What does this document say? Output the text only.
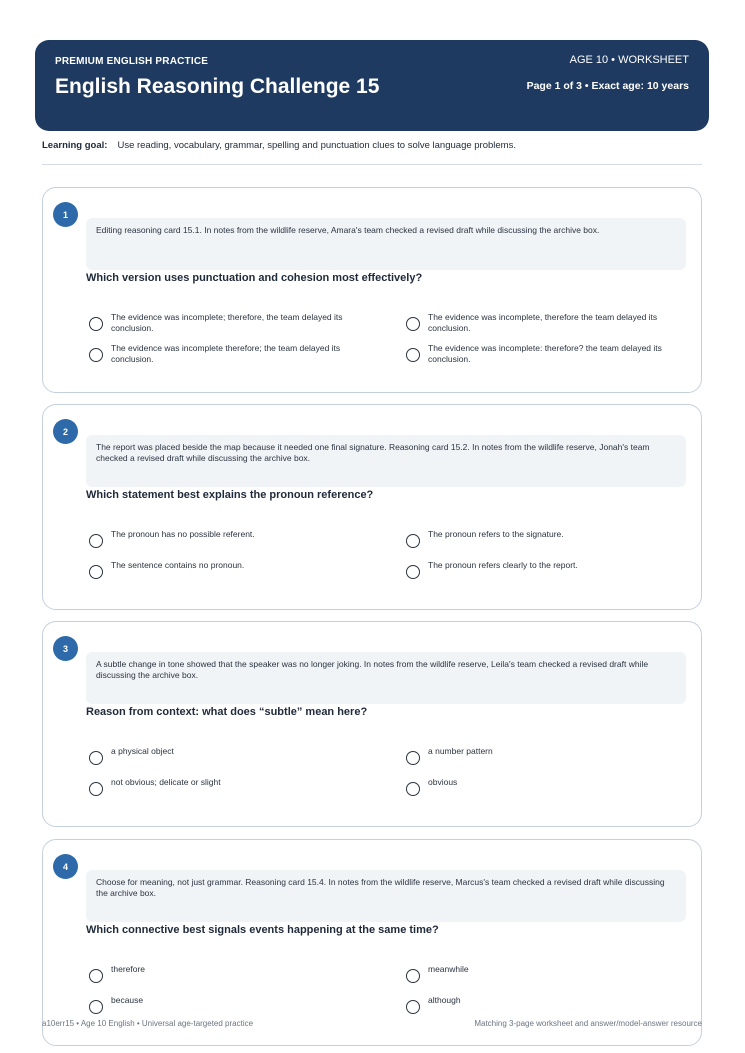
PREMIUM ENGLISH PRACTICE
English Reasoning Challenge 15
AGE 10 • WORKSHEET
Page 1 of 3 • Exact age: 10 years
Learning goal: Use reading, vocabulary, grammar, spelling and punctuation clues to solve language problems.
1
Editing reasoning card 15.1. In notes from the wildlife reserve, Amara's team checked a revised draft while discussing the archive box.
Which version uses punctuation and cohesion most effectively?
The evidence was incomplete; therefore, the team delayed its conclusion.
The evidence was incomplete, therefore the team delayed its conclusion.
The evidence was incomplete therefore; the team delayed its conclusion.
The evidence was incomplete: therefore? the team delayed its conclusion.
2
The report was placed beside the map because it needed one final signature. Reasoning card 15.2. In notes from the wildlife reserve, Jonah's team checked a revised draft while discussing the archive box.
Which statement best explains the pronoun reference?
The pronoun has no possible referent.	The pronoun refers to the signature.
The sentence contains no pronoun.	The pronoun refers clearly to the report.
3
A subtle change in tone showed that the speaker was no longer joking. In notes from the wildlife reserve, Leila's team checked a revised draft while discussing the archive box.
Reason from context: what does “subtle” mean here?
a physical object	a number pattern
not obvious; delicate or slight	obvious
4
Choose for meaning, not just grammar. Reasoning card 15.4. In notes from the wildlife reserve, Marcus's team checked a revised draft while discussing the archive box.
Which connective best signals events happening at the same time?
therefore	meanwhile
because	although
a10err15 • Age 10 English • Universal age-targeted practice	Matching 3-page worksheet and answer/model-answer resource
